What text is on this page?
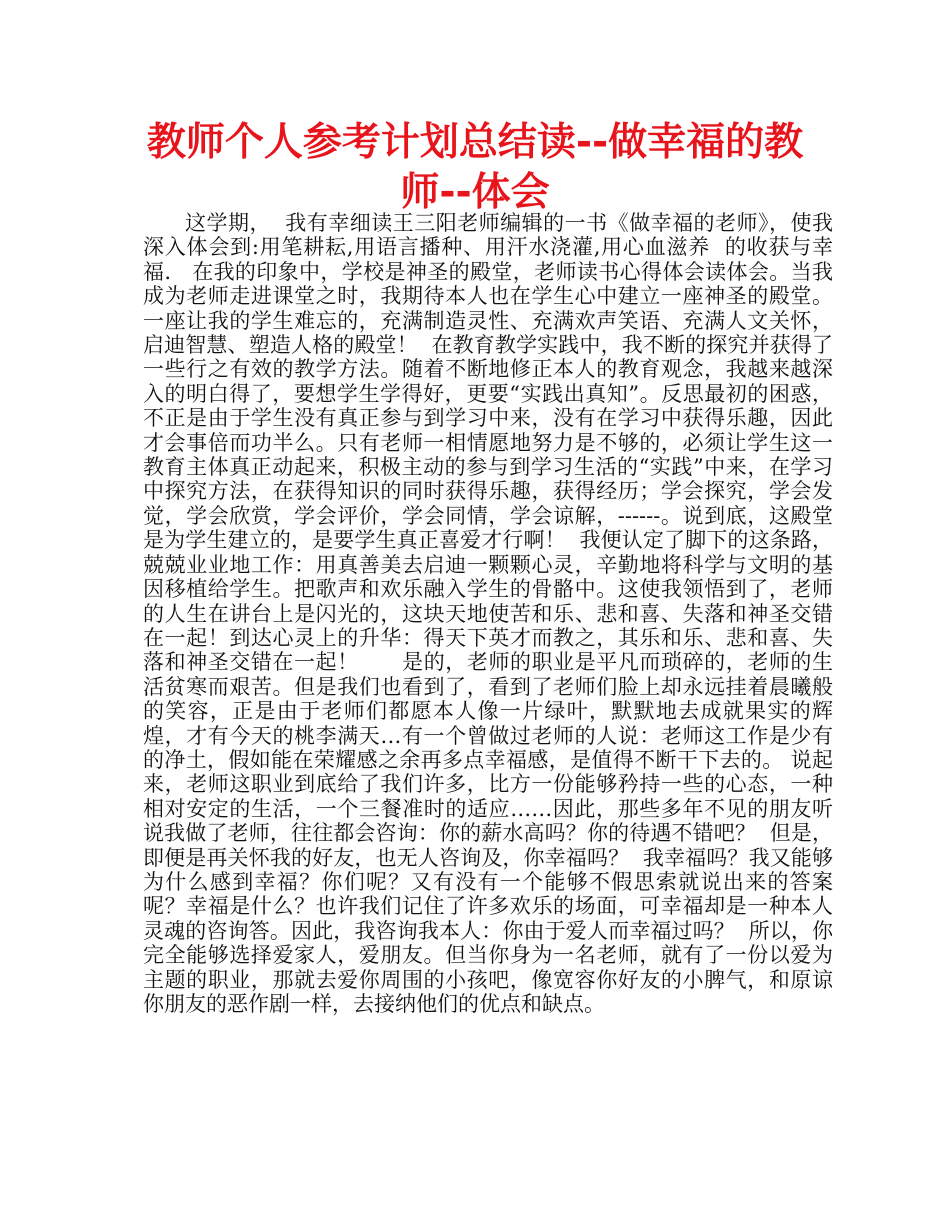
教师个人参考计划总结读--做幸福的教师--体会

这学期，  我有幸细读王三阳老师编辑的一书《做幸福的老师》，使我深入体会到:用笔耕耘,用语言播种、用汗水浇灌,用心血滋养  的收获与幸福.   在我的印象中，学校是神圣的殿堂，老师读书心得体会读体会。当我成为老师走进课堂之时，我期待本人也在学生心中建立一座神圣的殿堂。一座让我的学生难忘的，充满制造灵性、充满欢声笑语、充满人文关怀，启迪智慧、塑造人格的殿堂！  在教育教学实践中，我不断的探究并获得了一些行之有效的教学方法。随着不断地修正本人的教育观念，我越来越深入的明白得了，要想学生学得好，更要“实践出真知”。反思最初的困惑，不正是由于学生没有真正参与到学习中来，没有在学习中获得乐趣，因此才会事倍而功半么。只有老师一相情愿地努力是不够的，必须让学生这一教育主体真正动起来，积极主动的参与到学习生活的“实践”中来，在学习中探究方法，在获得知识的同时获得乐趣，获得经历；学会探究，学会发觉，学会欣赏，学会评价，学会同情，学会谅解，------。说到底，这殿堂是为学生建立的，是要学生真正喜爱才行啊！  我便认定了脚下的这条路，兢兢业业地工作：用真善美去启迪一颗颗心灵，辛勤地将科学与文明的基因移植给学生。把歌声和欢乐融入学生的骨骼中。这使我领悟到了，老师的人生在讲台上是闪光的，这块天地使苦和乐、悲和喜、失落和神圣交错在一起！到达心灵上的升华：得天下英才而教之，其乐和乐、悲和喜、失落和神圣交错在一起！      是的，老师的职业是平凡而琐碎的，老师的生活贫寒而艰苦。但是我们也看到了，看到了老师们脸上却永远挂着晨曦般的笑容，正是由于老师们都愿本人像一片绿叶，默默地去成就果实的辉煌，才有今天的桃李满天…有一个曾做过老师的人说：老师这工作是少有的净土，假如能在荣耀感之余再多点幸福感，是值得不断干下去的。 说起来，老师这职业到底给了我们许多，比方一份能够矜持一些的心态，一种相对安定的生活，一个三餐准时的适应……因此，那些多年不见的朋友听说我做了老师，往往都会咨询：你的薪水高吗？你的待遇不错吧？  但是，即便是再关怀我的好友，也无人咨询及，你幸福吗？  我幸福吗？我又能够为什么感到幸福？你们呢？又有没有一个能够不假思索就说出来的答案呢？幸福是什么？也许我们记住了许多欢乐的场面，可幸福却是一种本人灵魂的咨询答。因此，我咨询我本人：你由于爱人而幸福过吗？  所以，你完全能够选择爱家人，爱朋友。但当你身为一名老师，就有了一份以爱为主题的职业，那就去爱你周围的小孩吧，像宽容你好友的小脾气，和原谅你朋友的恶作剧一样，去接纳他们的优点和缺点。
